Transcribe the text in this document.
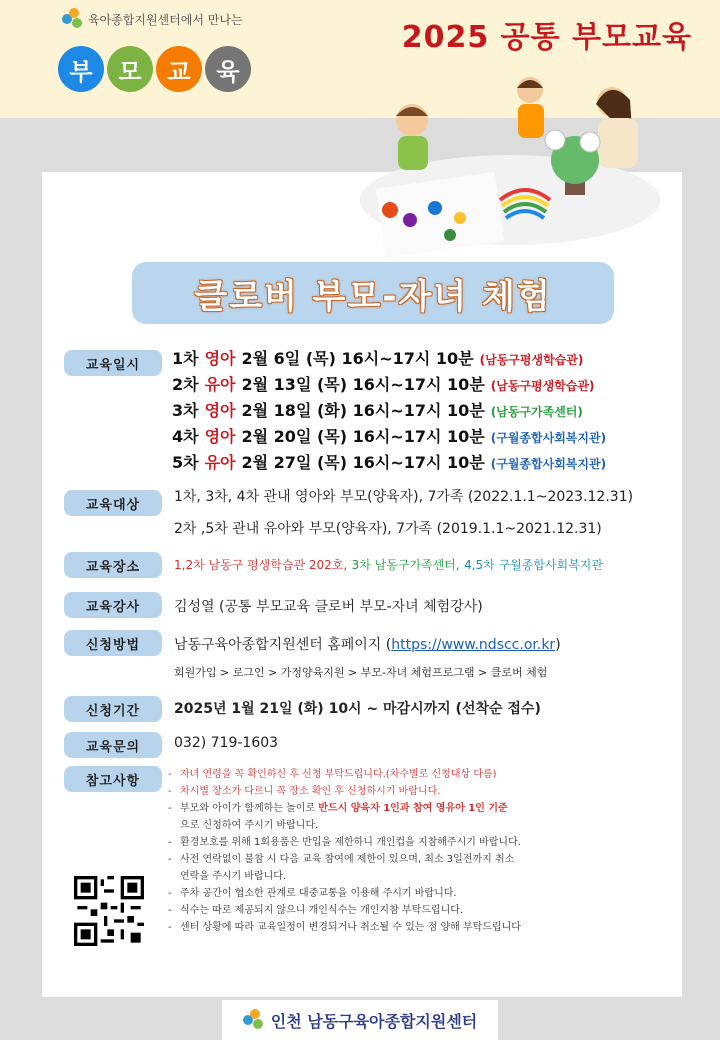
육아종합지원센터에서 만나는
2025 공통 부모교육
부	모	교	육
클로버 부모-자녀 체험
교육일시	1차 영아 2월 6일 (목) 16시~17시 10분 (남동구평생학습관)
2차 유아 2월 13일 (목) 16시~17시 10분 (남동구평생학습관)
3차 영아 2월 18일 (화) 16시~17시 10분 (남동구가족센터)
4차 영아 2월 20일 (목) 16시~17시 10분 (구월종합사회복지관)
5차 유아 2월 27일 (목) 16시~17시 10분 (구월종합사회복지관)
교육대상	1차, 3차, 4차 관내 영아와 부모(양육자), 7가족 (2022.1.1~2023.12.31)
2차 ,5차 관내 유아와 부모(양육자), 7가족 (2019.1.1~2021.12.31)
교육장소	1,2차 남동구 평생학습관 202호, 3차 남동구가족센터, 4,5차 구월종합사회복지관
교육강사	김성열 (공통 부모교육 클로버 부모-자녀 체험강사)
신청방법	남동구육아종합지원센터 홈페이지 (https://www.ndscc.or.kr)
회원가입 > 로그인 > 가정양육지원 > 부모-자녀 체험프로그램 > 클로버 체험
신청기간	2025년 1월 21일 (화) 10시 ~ 마감시까지 (선착순 접수)
교육문의	032) 719-1603
참고사항	- 자녀 연령을 꼭 확인하신 후 신청 부탁드립니다.(차수별로 신청대상 다름)
- 차시별 장소가 다르니 꼭 장소 확인 후 신청하시기 바랍니다.
- 부모와 아이가 함께하는 놀이로 반드시 양육자 1인과 참여 영유아 1인 기준
으로 신청하여 주시기 바랍니다.
- 환경보호를 위해 1회용품은 반입을 제한하니 개인컵을 지참해주시기 바랍니다.
- 사전 연락없이 불참 시 다음 교육 참여에 제한이 있으며, 최소 3일전까지 취소
연락을 주시기 바랍니다.
- 주차 공간이 협소한 관계로 대중교통을 이용해 주시기 바랍니다.
- 식수는 따로 제공되지 않으니 개인식수는 개인지참 부탁드립니다.
- 센터 상황에 따라 교육일정이 변경되거나 취소될 수 있는 점 양해 부탁드립니다
인천 남동구육아종합지원센터
